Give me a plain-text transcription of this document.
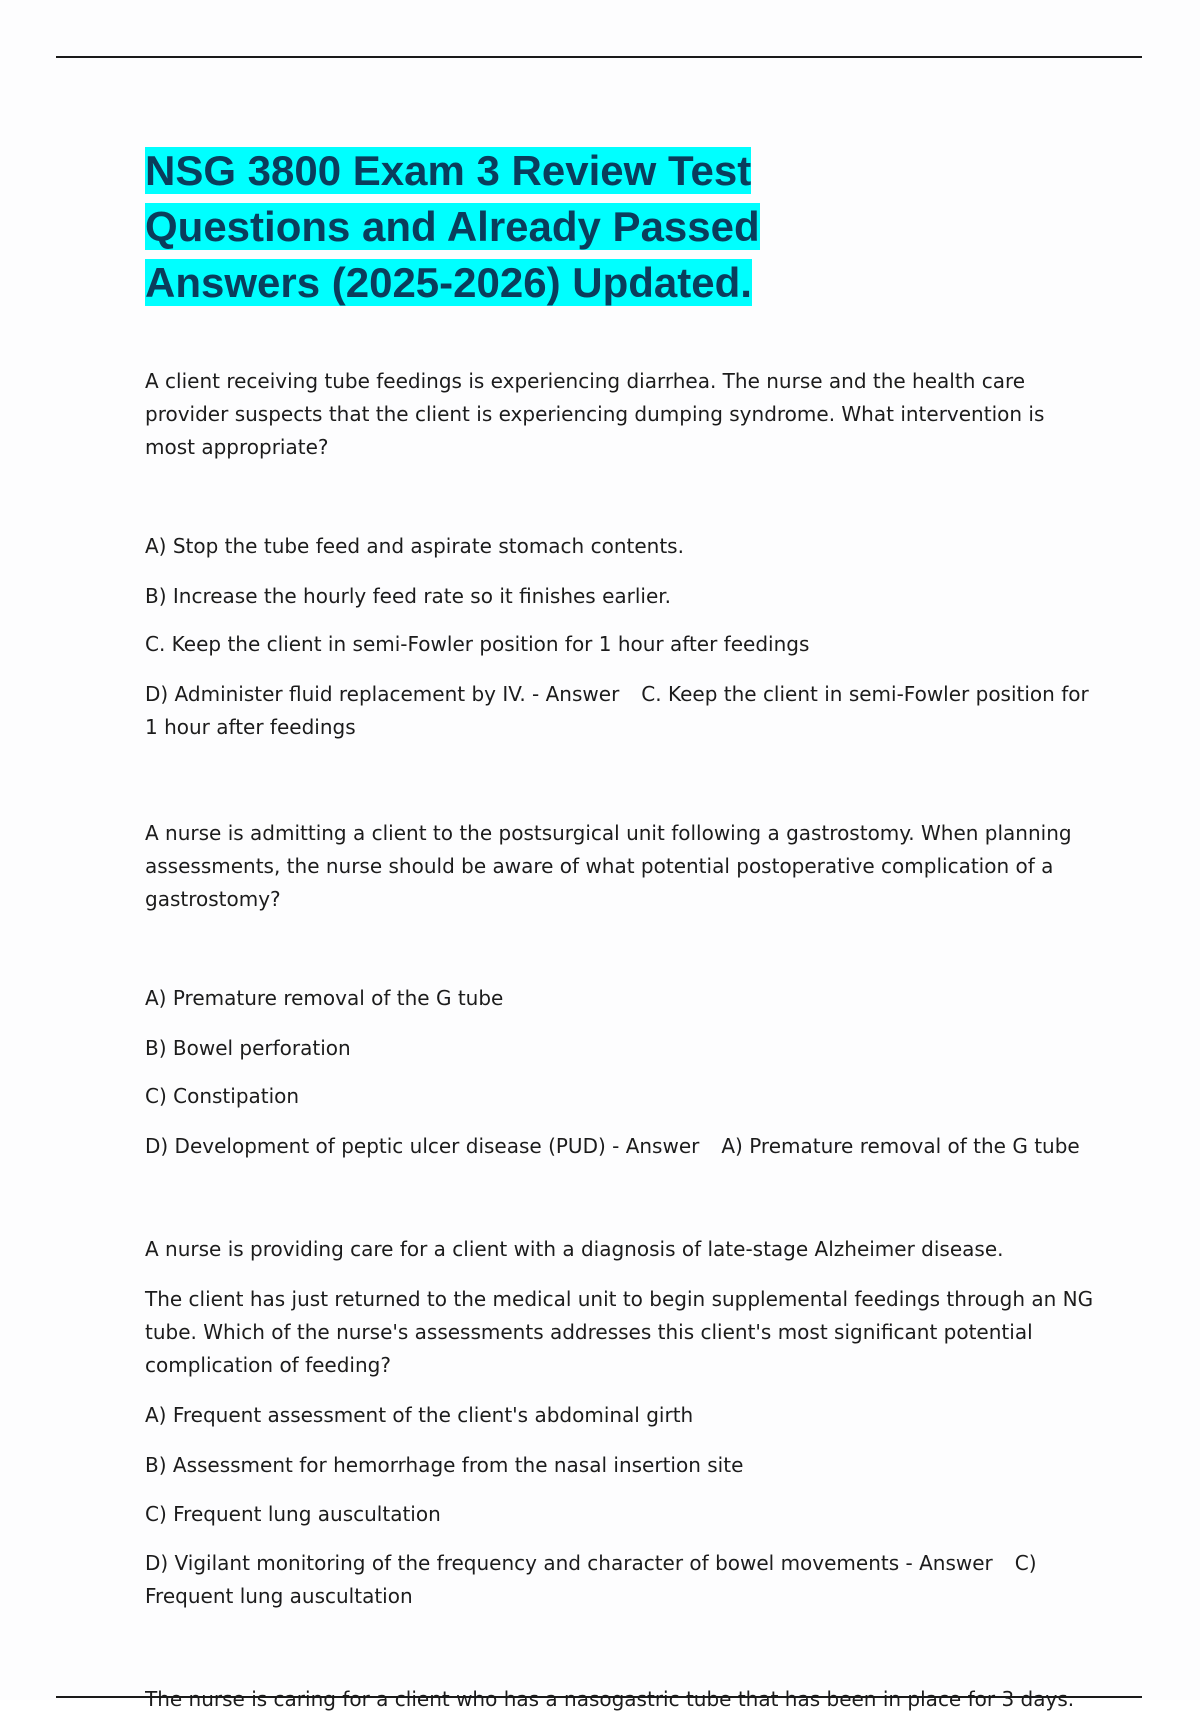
NSG 3800 Exam 3 Review Test Questions and Already Passed Answers (2025-2026) Updated.

A client receiving tube feedings is experiencing diarrhea. The nurse and the health care provider suspects that the client is experiencing dumping syndrome. What intervention is most appropriate?

A) Stop the tube feed and aspirate stomach contents.

B) Increase the hourly feed rate so it finishes earlier.

C. Keep the client in semi-Fowler position for 1 hour after feedings

D) Administer fluid replacement by IV. - Answer C. Keep the client in semi-Fowler position for 1 hour after feedings

A nurse is admitting a client to the postsurgical unit following a gastrostomy. When planning assessments, the nurse should be aware of what potential postoperative complication of a gastrostomy?

A) Premature removal of the G tube

B) Bowel perforation

C) Constipation

D) Development of peptic ulcer disease (PUD) - Answer A) Premature removal of the G tube

A nurse is providing care for a client with a diagnosis of late-stage Alzheimer disease.

The client has just returned to the medical unit to begin supplemental feedings through an NG tube. Which of the nurse's assessments addresses this client's most significant potential complication of feeding?

A) Frequent assessment of the client's abdominal girth

B) Assessment for hemorrhage from the nasal insertion site

C) Frequent lung auscultation

D) Vigilant monitoring of the frequency and character of bowel movements - Answer C) Frequent lung auscultation

The nurse is caring for a client who has a nasogastric tube that has been in place for 3 days.
